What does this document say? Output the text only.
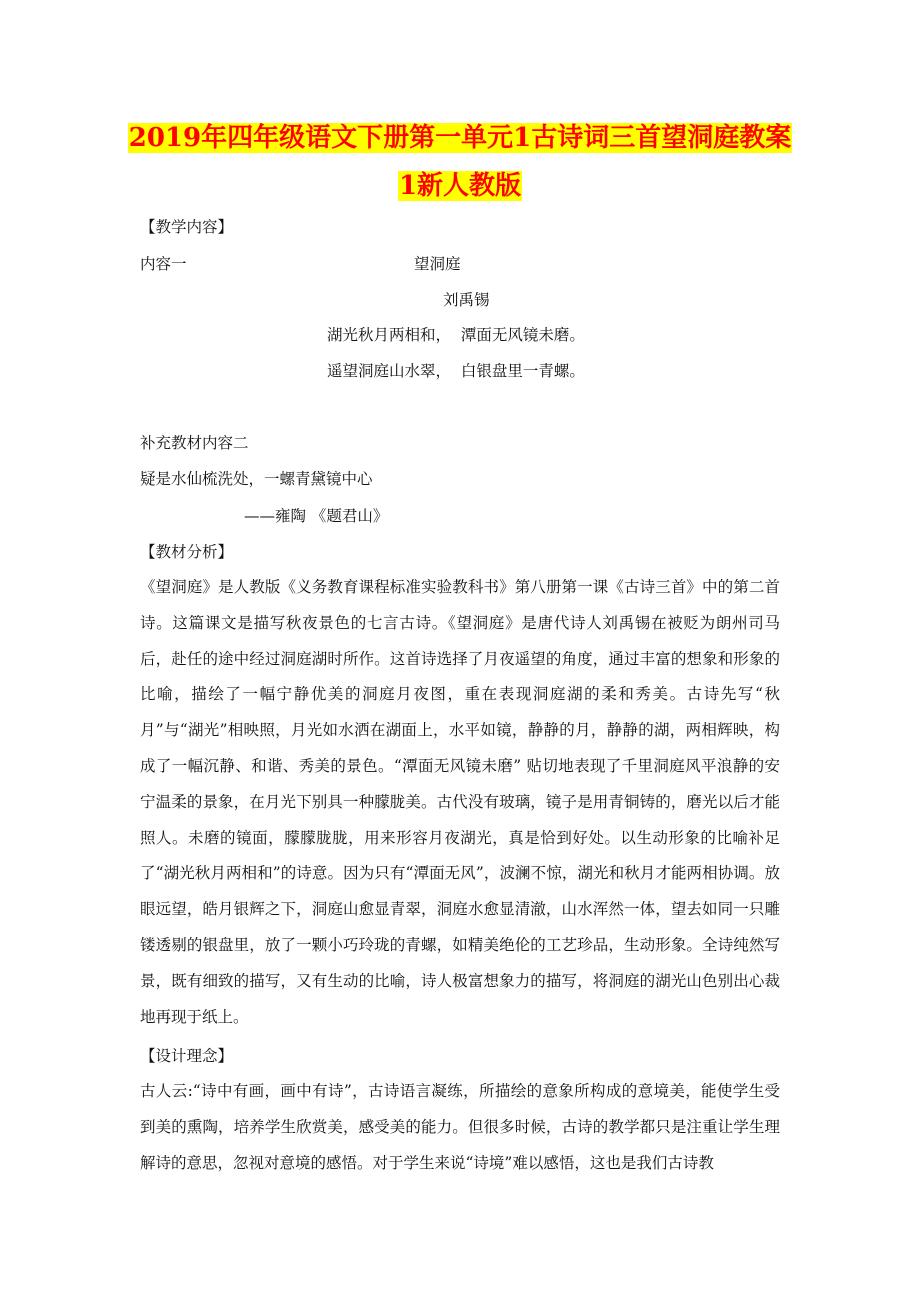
2019年四年级语文下册第一单元1古诗词三首望洞庭教案
1新人教版
【教学内容】
内容一	望洞庭
刘禹锡
湖光秋月两相和，  潭面无风镜未磨。
遥望洞庭山水翠，  白银盘里一青螺。
补充教材内容二
疑是水仙梳洗处，一螺青黛镜中心
——雍陶 《题君山》
【教材分析】
《望洞庭》是人教版《义务教育课程标准实验教科书》第八册第一课《古诗三首》中的第二首诗。这篇课文是描写秋夜景色的七言古诗。《望洞庭》是唐代诗人刘禹锡在被贬为朗州司马后，赴任的途中经过洞庭湖时所作。这首诗选择了月夜遥望的角度，通过丰富的想象和形象的比喻，描绘了一幅宁静优美的洞庭月夜图，重在表现洞庭湖的柔和秀美。古诗先写“秋月”与“湖光”相映照，月光如水洒在湖面上，水平如镜，静静的月，静静的湖，两相辉映，构成了一幅沉静、和谐、秀美的景色。“潭面无风镜未磨” 贴切地表现了千里洞庭风平浪静的安宁温柔的景象，在月光下别具一种朦胧美。古代没有玻璃，镜子是用青铜铸的，磨光以后才能照人。未磨的镜面，朦朦胧胧，用来形容月夜湖光，真是恰到好处。以生动形象的比喻补足了“湖光秋月两相和”的诗意。因为只有“潭面无风”，波澜不惊，湖光和秋月才能两相协调。放眼远望，皓月银辉之下，洞庭山愈显青翠，洞庭水愈显清澈，山水浑然一体，望去如同一只雕镂透剔的银盘里，放了一颗小巧玲珑的青螺，如精美绝伦的工艺珍品，生动形象。全诗纯然写景，既有细致的描写，又有生动的比喻，诗人极富想象力的描写，将洞庭的湖光山色别出心裁地再现于纸上。
【设计理念】
古人云:“诗中有画，画中有诗”，古诗语言凝练，所描绘的意象所构成的意境美，能使学生受到美的熏陶，培养学生欣赏美，感受美的能力。但很多时候，古诗的教学都只是注重让学生理解诗的意思，忽视对意境的感悟。对于学生来说“诗境”难以感悟，这也是我们古诗教
